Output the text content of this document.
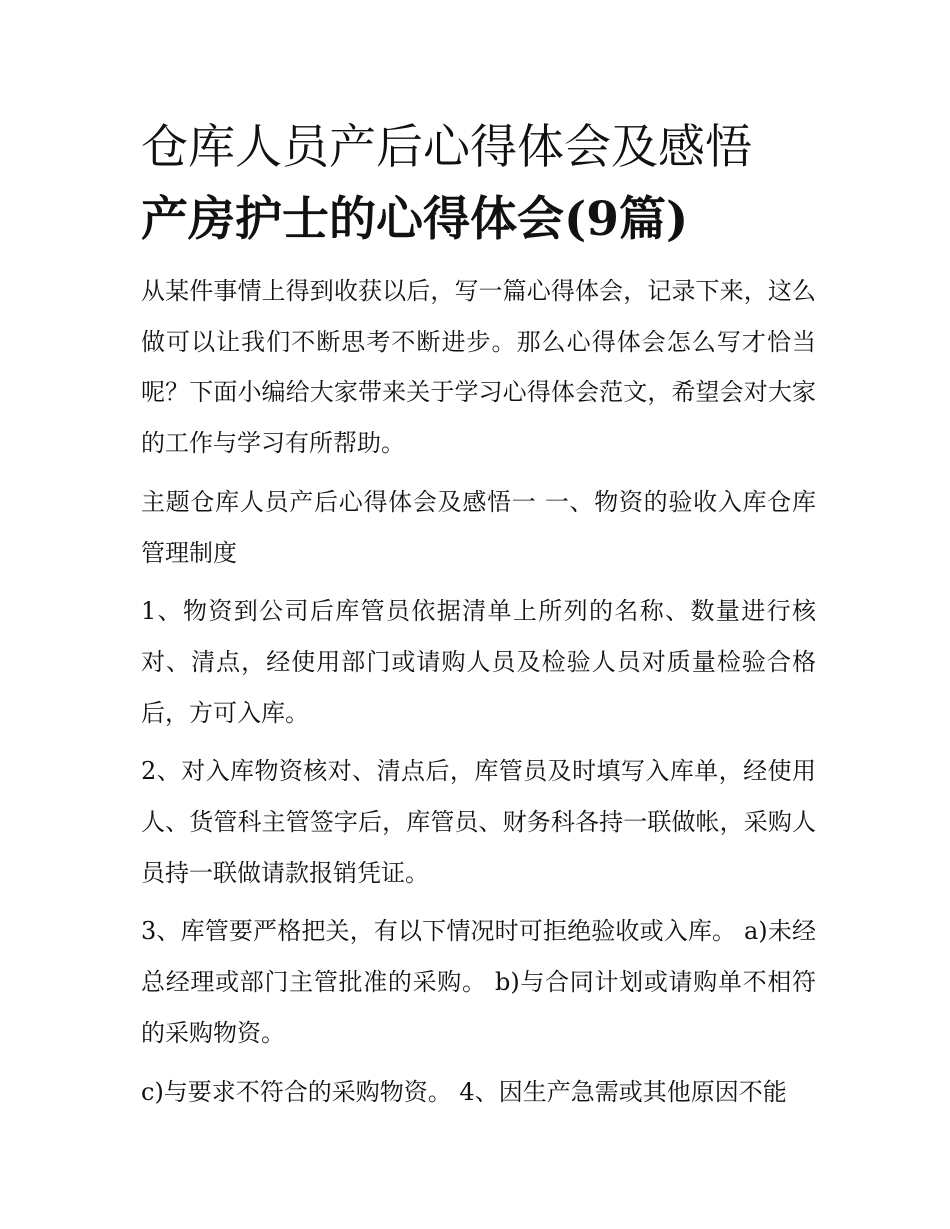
仓库人员产后心得体会及感悟
产房护士的心得体会(9篇)

从某件事情上得到收获以后，写一篇心得体会，记录下来，这么做可以让我们不断思考不断进步。那么心得体会怎么写才恰当呢？下面小编给大家带来关于学习心得体会范文，希望会对大家的工作与学习有所帮助。

主题仓库人员产后心得体会及感悟一 一、物资的验收入库仓库管理制度

1、物资到公司后库管员依据清单上所列的名称、数量进行核对、清点，经使用部门或请购人员及检验人员对质量检验合格后，方可入库。

2、对入库物资核对、清点后，库管员及时填写入库单，经使用人、货管科主管签字后，库管员、财务科各持一联做帐，采购人员持一联做请款报销凭证。

3、库管要严格把关，有以下情况时可拒绝验收或入库。 a)未经总经理或部门主管批准的采购。 b)与合同计划或请购单不相符的采购物资。

c)与要求不符合的采购物资。 4、因生产急需或其他原因不能
